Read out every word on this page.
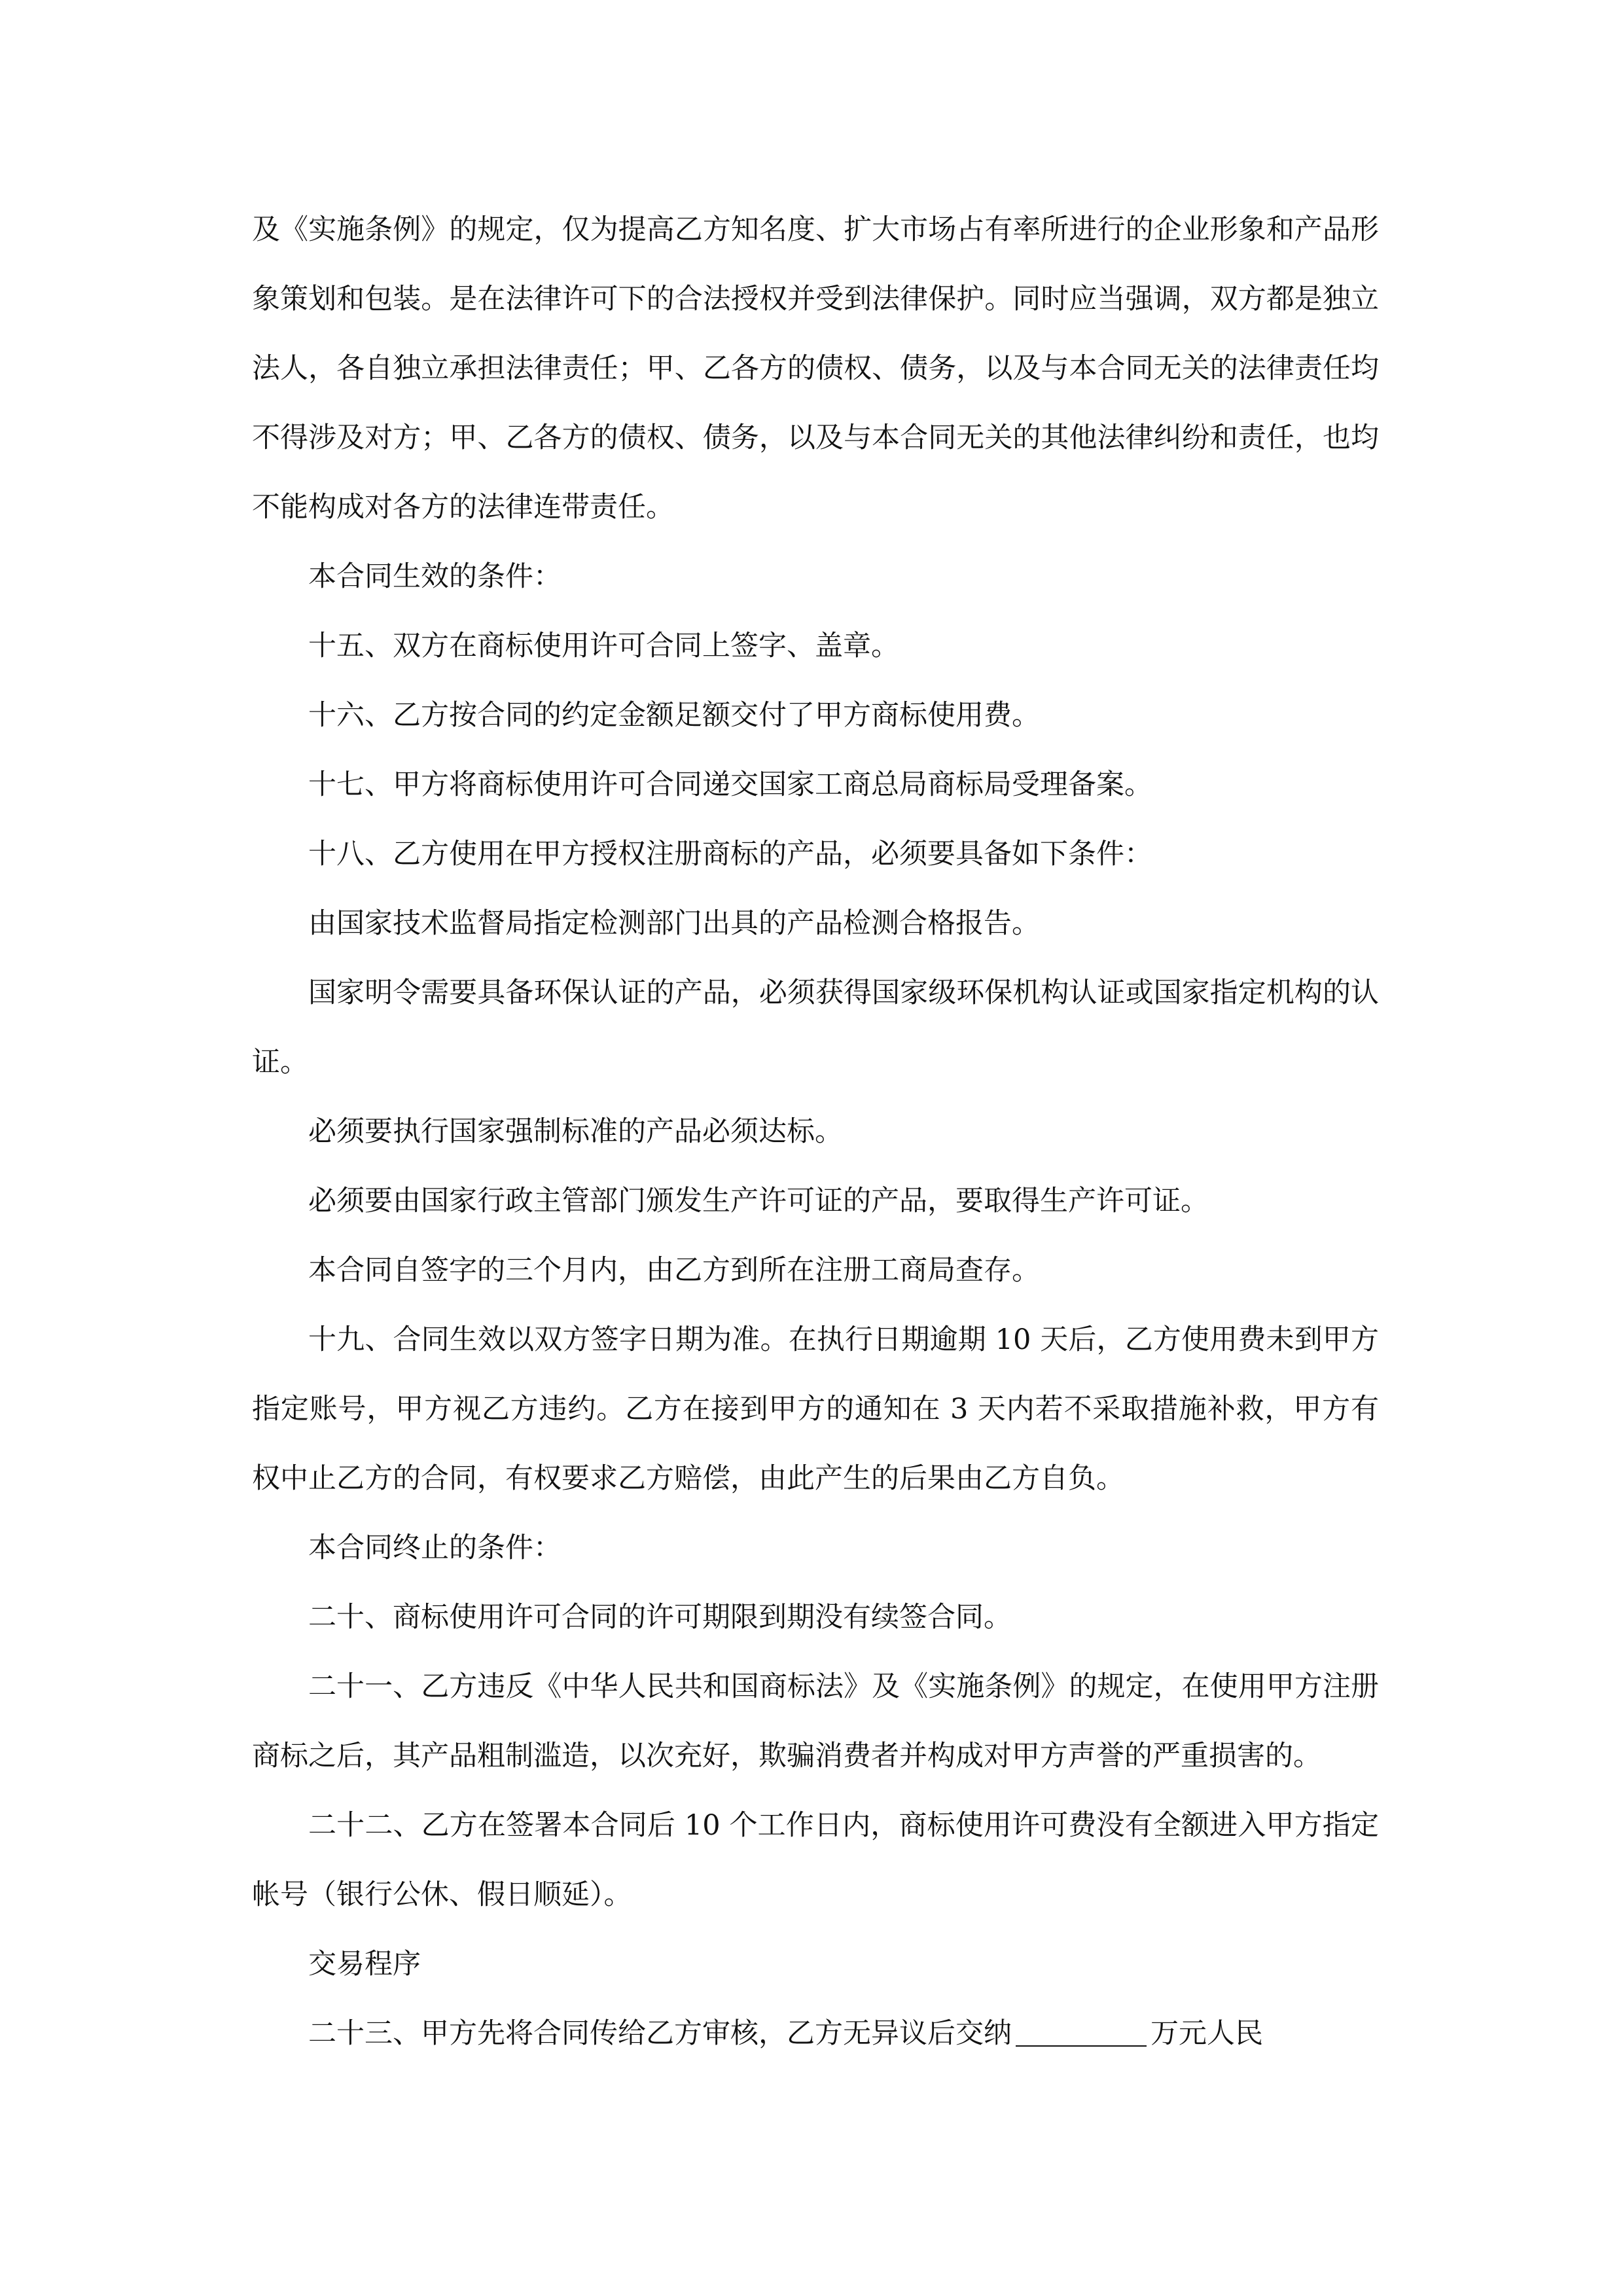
及《实施条例》的规定，仅为提高乙方知名度、扩大市场占有率所进行的企业形象和产品形象策划和包装。是在法律许可下的合法授权并受到法律保护。同时应当强调，双方都是独立法人，各自独立承担法律责任；甲、乙各方的债权、债务，以及与本合同无关的法律责任均不得涉及对方；甲、乙各方的债权、债务，以及与本合同无关的其他法律纠纷和责任，也均不能构成对各方的法律连带责任。

本合同生效的条件：

十五、双方在商标使用许可合同上签字、盖章。

十六、乙方按合同的约定金额足额交付了甲方商标使用费。

十七、甲方将商标使用许可合同递交国家工商总局商标局受理备案。

十八、乙方使用在甲方授权注册商标的产品，必须要具备如下条件：

由国家技术监督局指定检测部门出具的产品检测合格报告。

国家明令需要具备环保认证的产品，必须获得国家级环保机构认证或国家指定机构的认证。

必须要执行国家强制标准的产品必须达标。

必须要由国家行政主管部门颁发生产许可证的产品，要取得生产许可证。

本合同自签字的三个月内，由乙方到所在注册工商局查存。

十九、合同生效以双方签字日期为准。在执行日期逾期 10 天后，乙方使用费未到甲方指定账号，甲方视乙方违约。乙方在接到甲方的通知在 3 天内若不采取措施补救，甲方有权中止乙方的合同，有权要求乙方赔偿，由此产生的后果由乙方自负。

本合同终止的条件：

二十、商标使用许可合同的许可期限到期没有续签合同。

二十一、乙方违反《中华人民共和国商标法》及《实施条例》的规定，在使用甲方注册商标之后，其产品粗制滥造，以次充好，欺骗消费者并构成对甲方声誉的严重损害的。

二十二、乙方在签署本合同后 10 个工作日内，商标使用许可费没有全额进入甲方指定帐号（银行公休、假日顺延）。

交易程序

二十三、甲方先将合同传给乙方审核，乙方无异议后交纳	万元人民
